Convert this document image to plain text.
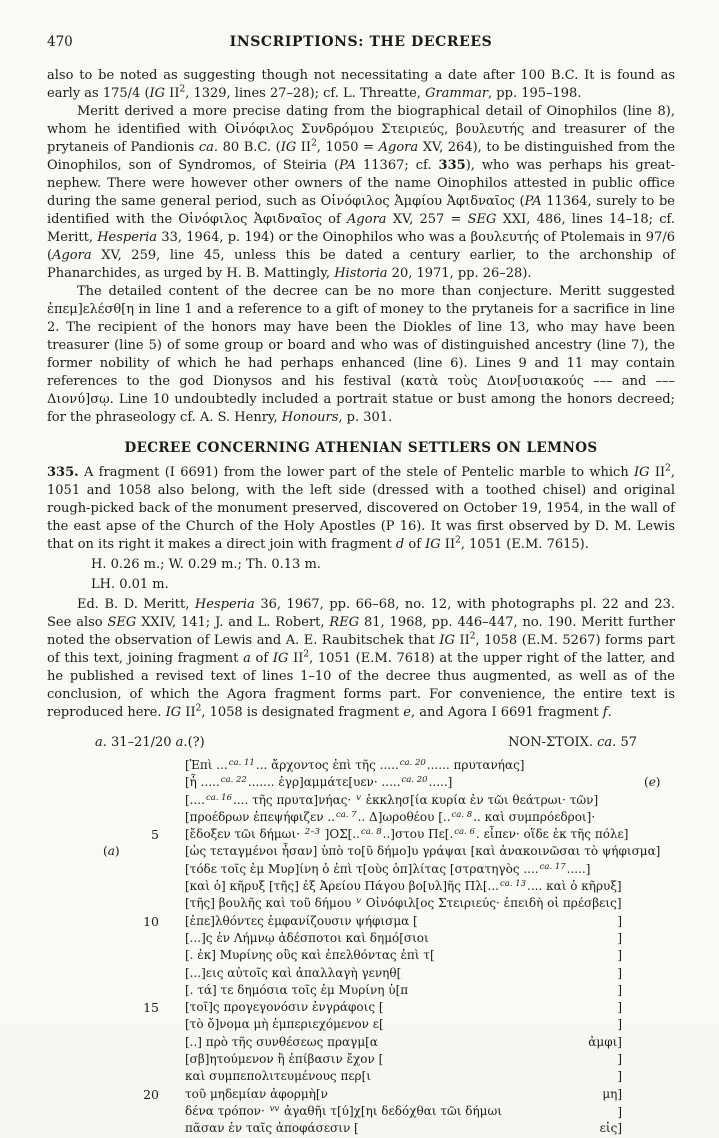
470	INSCRIPTIONS: THE DECREES

also to be noted as suggesting though not necessitating a date after 100 B.C. It is found as early as 175/4 (IG $II^2$, 1329, lines 27–28); cf. L. Threatte, Grammar, pp. 195–198.

Meritt derived a more precise dating from the biographical detail of Oinophilos (line 8), whom he identified with Οἰνόφιλος Συνδρόμου Στειριεύς, βουλευτής and treasurer of the prytaneis of Pandionis ca. 80 B.C. (IG $II^2$, 1050 = Agora XV, 264), to be distinguished from the Oinophilos, son of Syndromos, of Steiria (PA 11367; cf. 335), who was perhaps his great-nephew. There were however other owners of the name Oinophilos attested in public office during the same general period, such as Οἰνόφιλος Ἀμφίου Ἀφιδναῖος (PA 11364, surely to be identified with the Οἰνόφιλος Ἀφιδναῖος of Agora XV, 257 = SEG XXI, 486, lines 14–18; cf. Meritt, Hesperia 33, 1964, p. 194) or the Oinophilos who was a βουλευτής of Ptolemais in 97/6 (Agora XV, 259, line 45, unless this be dated a century earlier, to the archonship of Phanarchides, as urged by H. B. Mattingly, Historia 20, 1971, pp. 26–28).

The detailed content of the decree can be no more than conjecture. Meritt suggested ἐπεμ]ελέσθ[η in line 1 and a reference to a gift of money to the prytaneis for a sacrifice in line 2. The recipient of the honors may have been the Diokles of line 13, who may have been treasurer (line 5) of some group or board and who was of distinguished ancestry (line 7), the former nobility of which he had perhaps enhanced (line 6). Lines 9 and 11 may contain references to the god Dionysos and his festival (κατὰ τοὺς Διον[υσιακούς ––– and ––– Διονύ]σῳ. Line 10 undoubtedly included a portrait statue or bust among the honors decreed; for the phraseology cf. A. S. Henry, Honours, p. 301.

DECREE CONCERNING ATHENIAN SETTLERS ON LEMNOS

335. A fragment (I 6691) from the lower part of the stele of Pentelic marble to which IG $II^2$, 1051 and 1058 also belong, with the left side (dressed with a toothed chisel) and original rough-picked back of the monument preserved, discovered on October 19, 1954, in the wall of the east apse of the Church of the Holy Apostles (P 16). It was first observed by D. M. Lewis that on its right it makes a direct join with fragment d of IG $II^2$, 1051 (E.M. 7615).

H. 0.26 m.; W. 0.29 m.; Th. 0.13 m.
LH. 0.01 m.

Ed. B. D. Meritt, Hesperia 36, 1967, pp. 66–68, no. 12, with photographs pl. 22 and 23. See also SEG XXIV, 141; J. and L. Robert, REG 81, 1968, pp. 446–447, no. 190. Meritt further noted the observation of Lewis and A. E. Raubitschek that IG $II^2$, 1058 (E.M. 5267) forms part of this text, joining fragment a of IG $II^2$, 1051 (E.M. 7618) at the upper right of the latter, and he published a revised text of lines 1–10 of the decree thus augmented, as well as of the conclusion, of which the Agora fragment forms part. For convenience, the entire text is reproduced here. IG $II^2$, 1058 is designated fragment e, and Agora I 6691 fragment f.

a. 31–21/20 a.(?)	ΝΟΝ-ΣΤΟΙΧ. ca. 57
[Ἐπὶ ...$^{ca. 11}$... ἄρχοντος ἐπὶ τῆς .....$^{ca. 20}$...... πρυτανήας]
[ἦ .....$^{ca. 22}$....... ἐγρ]αμμάτε[υεν· .....$^{ca. 20}$.....]	(e)
[....$^{ca. 16}$.... τῆς πρυτα]νήας· $^v$ ἐκκλησ[ία κυρία ἐν τῶι θεάτρωι· τῶν]
[προέδρων ἐπεψήφιζεν ..$^{ca. 7}$.. Δ]ωροθέου [..$^{ca. 8}$.. καὶ συμπρόεδροι]·
5 [ἔδοξεν τῶι δήμωι· $^{2-3}$ ]ΟΣ[..$^{ca. 8}$..]στου Πε[.$^{ca. 6}$. εἶπεν· οἵδε ἐκ τῆς πόλε]
(a)	[ὡς τεταγμένοι ἦσαν] ὑπὸ το[ῦ δήμο]υ γράψαι [καὶ ἀνακοινῶσαι τὸ ψήφισμα]
[τόδε τοῖς ἐμ Μυρ]ίνη ὁ ἐπὶ τ[οὺς ὁπ]λίτας [στρατηγὸς ....$^{ca. 17}$.....]
[καὶ ὁ] κῆρυξ [τῆς] ἐξ Ἀρείου Πάγου βο[υλ]ῆς Πλ[...$^{ca. 13}$.... καὶ ὁ κῆρυξ]
[τῆς] βουλῆς καὶ τοῦ δήμου $^v$ Οἰνόφιλ[ος Στειριεύς· ἐπειδὴ οἱ πρέσβεις]
10 [ἐπε]λθόντες ἐμφανίζουσιν ψήφισμα [	]
[...]ς ἐν Λήμνῳ ἀδέσποτοι καὶ δημό[σιοι	]
[. ἐκ] Μυρίνης οὓς καὶ ἐπελθόντας ἐπὶ τ[	]
[...]εις αὐτοῖς καὶ ἀπαλλαγὴ γενηθ[	]
[. τά] τε δημόσια τοῖς ἐμ Μυρίνη ὑ[π	]
15 [τοῖ]ς προγεγονόσιν ἐνγράφοις [	]
[τὸ ὄ]νομα μὴ ἐμπεριεχόμενον ε[	]
[..] πρὸ τῆς συνθέσεως πραγμ[α	ἀμφι]
[σβ]ητούμενον ἢ ἐπίβασιν ἔχον [	]
καὶ συμπεπολιτευμένους περ[ι	]
20 τοῦ μηδεμίαν ἀφορμὴ[ν	μη]
δένα τρόπον· $^{vv}$ ἀγαθῆι τ[ύ]χ[ηι δεδόχθαι τῶι δήμωι	]
πᾶσαν ἐν ταῖς ἀποφάσεσιν [	εἰς]
